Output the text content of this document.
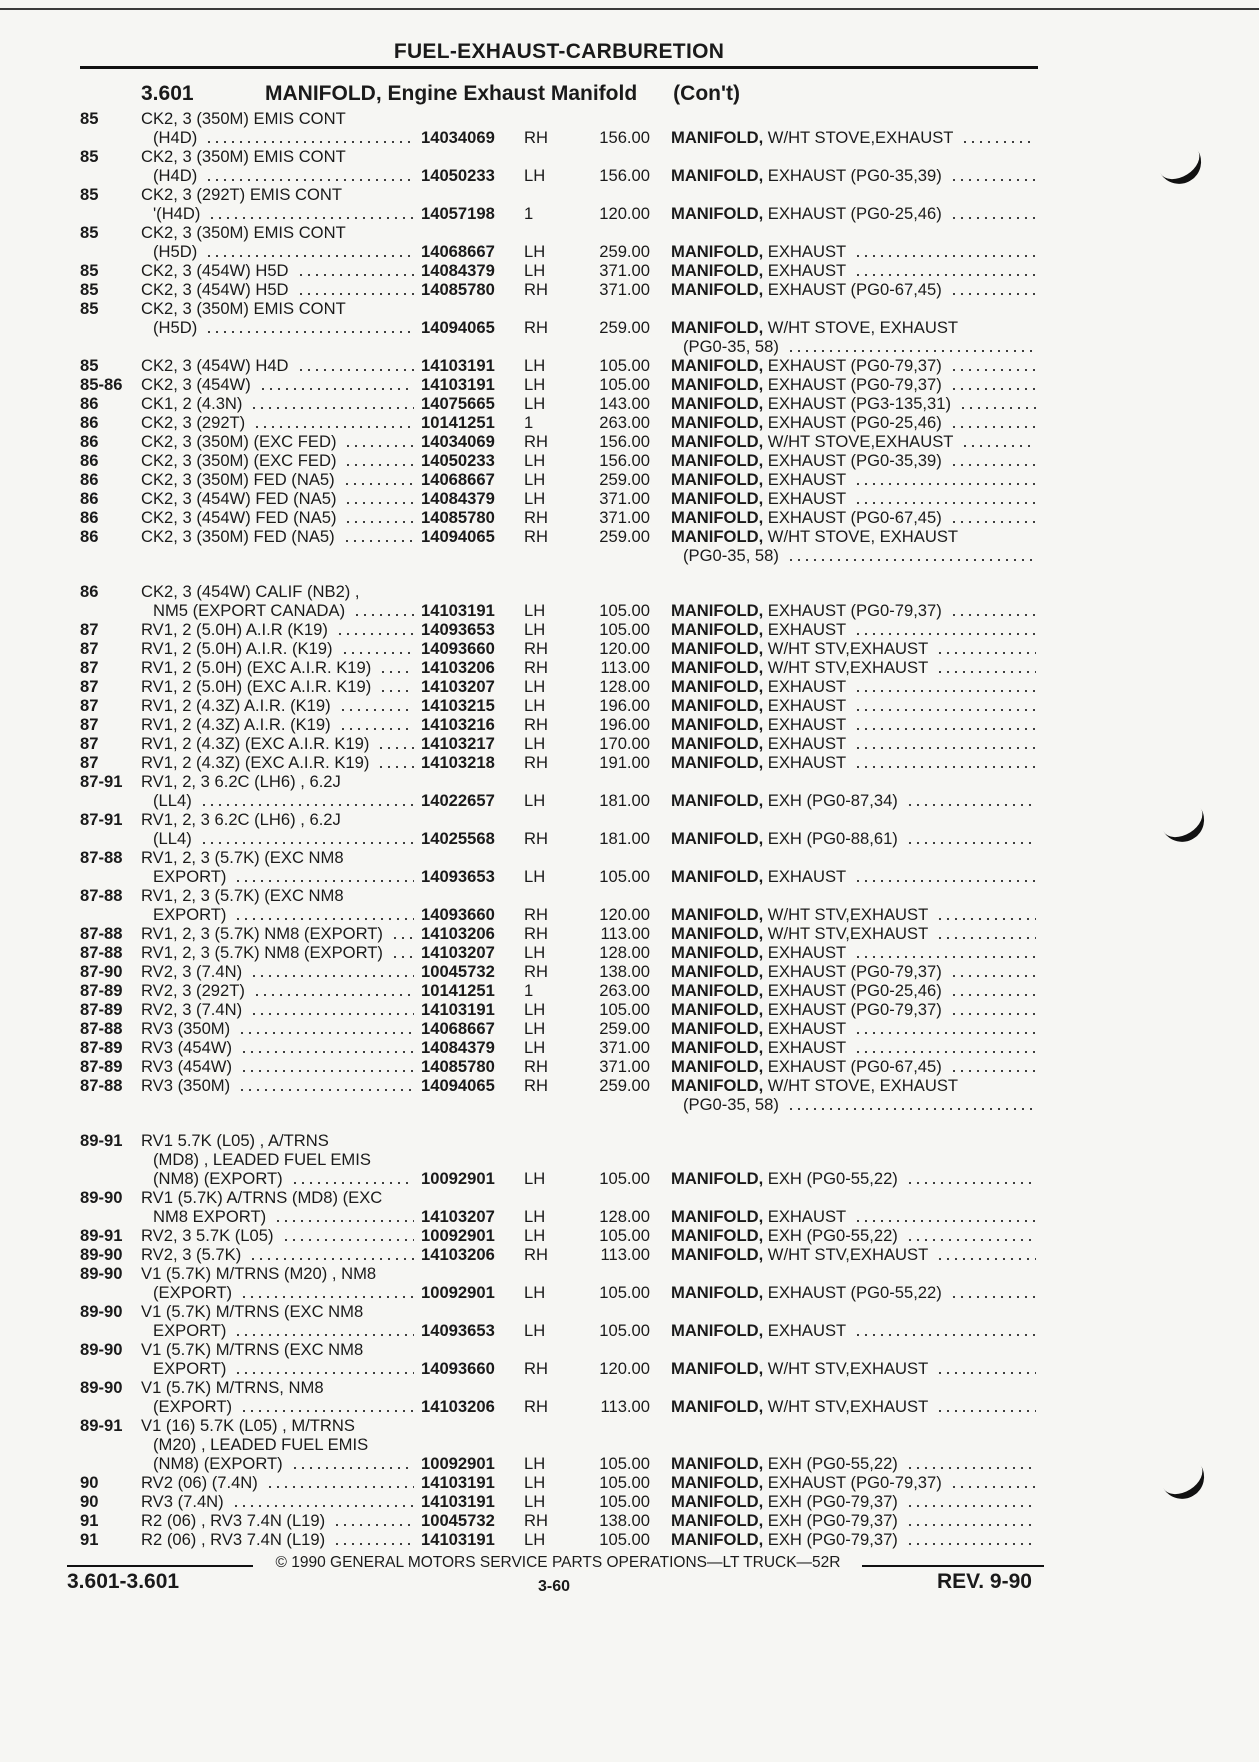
FUEL-EXHAUST-CARBURETION
3.601	MANIFOLD, Engine Exhaust Manifold (Con't)
85	CK2, 3 (350M) EMIS CONT
(H4D)	14034069 RH	156.00 MANIFOLD, W/HT STOVE,EXHAUST
85	CK2, 3 (350M) EMIS CONT
(H4D)	14050233 LH	156.00 MANIFOLD, EXHAUST (PG0-35,39)
85	CK2, 3 (292T) EMIS CONT
'(H4D)	14057198 1	120.00 MANIFOLD, EXHAUST (PG0-25,46)
85	CK2, 3 (350M) EMIS CONT
(H5D)	14068667 LH	259.00 MANIFOLD, EXHAUST
85	CK2, 3 (454W) H5D	14084379 LH	371.00 MANIFOLD, EXHAUST
85	CK2, 3 (454W) H5D	14085780 RH	371.00 MANIFOLD, EXHAUST (PG0-67,45)
85	CK2, 3 (350M) EMIS CONT
(H5D)	14094065 RH	259.00 MANIFOLD, W/HT STOVE, EXHAUST
(PG0-35, 58)
85	CK2, 3 (454W) H4D	14103191 LH	105.00 MANIFOLD, EXHAUST (PG0-79,37)
85-86 CK2, 3 (454W)	14103191 LH	105.00 MANIFOLD, EXHAUST (PG0-79,37)
86	CK1, 2 (4.3N)	14075665 LH	143.00 MANIFOLD, EXHAUST (PG3-135,31)
86	CK2, 3 (292T)	10141251 1	263.00 MANIFOLD, EXHAUST (PG0-25,46)
86	CK2, 3 (350M) (EXC FED)	14034069 RH	156.00 MANIFOLD, W/HT STOVE,EXHAUST
86	CK2, 3 (350M) (EXC FED)	14050233 LH	156.00 MANIFOLD, EXHAUST (PG0-35,39)
86	CK2, 3 (350M) FED (NA5)	14068667 LH	259.00 MANIFOLD, EXHAUST
86	CK2, 3 (454W) FED (NA5)	14084379 LH	371.00 MANIFOLD, EXHAUST
86	CK2, 3 (454W) FED (NA5)	14085780 RH	371.00 MANIFOLD, EXHAUST (PG0-67,45)
86	CK2, 3 (350M) FED (NA5)	14094065 RH	259.00 MANIFOLD, W/HT STOVE, EXHAUST
(PG0-35, 58)
86	CK2, 3 (454W) CALIF (NB2) ,
NM5 (EXPORT CANADA)	14103191 LH	105.00 MANIFOLD, EXHAUST (PG0-79,37)
87	RV1, 2 (5.0H) A.I.R (K19)	14093653 LH	105.00 MANIFOLD, EXHAUST
87	RV1, 2 (5.0H) A.I.R. (K19)	14093660 RH	120.00 MANIFOLD, W/HT STV,EXHAUST
87	RV1, 2 (5.0H) (EXC A.I.R. K19)	14103206 RH	113.00 MANIFOLD, W/HT STV,EXHAUST
87	RV1, 2 (5.0H) (EXC A.I.R. K19)	14103207 LH	128.00 MANIFOLD, EXHAUST
87	RV1, 2 (4.3Z) A.I.R. (K19)	14103215 LH	196.00 MANIFOLD, EXHAUST
87	RV1, 2 (4.3Z) A.I.R. (K19)	14103216 RH	196.00 MANIFOLD, EXHAUST
87	RV1, 2 (4.3Z) (EXC A.I.R. K19)	14103217 LH	170.00 MANIFOLD, EXHAUST
87	RV1, 2 (4.3Z) (EXC A.I.R. K19)	14103218 RH	191.00 MANIFOLD, EXHAUST
87-91 RV1, 2, 3 6.2C (LH6) , 6.2J
(LL4)	14022657 LH	181.00 MANIFOLD, EXH (PG0-87,34)
87-91 RV1, 2, 3 6.2C (LH6) , 6.2J
(LL4)	14025568 RH	181.00 MANIFOLD, EXH (PG0-88,61)
87-88 RV1, 2, 3 (5.7K) (EXC NM8
EXPORT)	14093653 LH	105.00 MANIFOLD, EXHAUST
87-88 RV1, 2, 3 (5.7K) (EXC NM8
EXPORT)	14093660 RH	120.00 MANIFOLD, W/HT STV,EXHAUST
87-88 RV1, 2, 3 (5.7K) NM8 (EXPORT) 14103206 RH	113.00 MANIFOLD, W/HT STV,EXHAUST
87-88 RV1, 2, 3 (5.7K) NM8 (EXPORT) 14103207 LH	128.00 MANIFOLD, EXHAUST
87-90 RV2, 3 (7.4N)	10045732 RH	138.00 MANIFOLD, EXHAUST (PG0-79,37)
87-89 RV2, 3 (292T)	10141251 1	263.00 MANIFOLD, EXHAUST (PG0-25,46)
87-89 RV2, 3 (7.4N)	14103191 LH	105.00 MANIFOLD, EXHAUST (PG0-79,37)
87-88 RV3 (350M)	14068667 LH	259.00 MANIFOLD, EXHAUST
87-89 RV3 (454W)	14084379 LH	371.00 MANIFOLD, EXHAUST
87-89 RV3 (454W)	14085780 RH	371.00 MANIFOLD, EXHAUST (PG0-67,45)
87-88 RV3 (350M)	14094065 RH	259.00 MANIFOLD, W/HT STOVE, EXHAUST
(PG0-35, 58)
89-91 RV1 5.7K (L05) , A/TRNS
(MD8) , LEADED FUEL EMIS
(NM8) (EXPORT)	10092901 LH	105.00 MANIFOLD, EXH (PG0-55,22)
89-90 RV1 (5.7K) A/TRNS (MD8) (EXC
NM8 EXPORT)	14103207 LH	128.00 MANIFOLD, EXHAUST
89-91 RV2, 3 5.7K (L05)	10092901 LH	105.00 MANIFOLD, EXH (PG0-55,22)
89-90 RV2, 3 (5.7K)	14103206 RH	113.00 MANIFOLD, W/HT STV,EXHAUST
89-90 V1 (5.7K) M/TRNS (M20) , NM8
(EXPORT)	10092901 LH	105.00 MANIFOLD, EXHAUST (PG0-55,22)
89-90 V1 (5.7K) M/TRNS (EXC NM8
EXPORT)	14093653 LH	105.00 MANIFOLD, EXHAUST
89-90 V1 (5.7K) M/TRNS (EXC NM8
EXPORT)	14093660 RH	120.00 MANIFOLD, W/HT STV,EXHAUST
89-90 V1 (5.7K) M/TRNS, NM8
(EXPORT)	14103206 RH	113.00 MANIFOLD, W/HT STV,EXHAUST
89-91 V1 (16) 5.7K (L05) , M/TRNS
(M20) , LEADED FUEL EMIS
(NM8) (EXPORT)	10092901 LH	105.00 MANIFOLD, EXH (PG0-55,22)
90	RV2 (06) (7.4N)	14103191 LH	105.00 MANIFOLD, EXHAUST (PG0-79,37)
90	RV3 (7.4N)	14103191 LH	105.00 MANIFOLD, EXH (PG0-79,37)
91	R2 (06) , RV3 7.4N (L19)	10045732 RH	138.00 MANIFOLD, EXH (PG0-79,37)
91	R2 (06) , RV3 7.4N (L19)	14103191 LH	105.00 MANIFOLD, EXH (PG0-79,37)
© 1990 GENERAL MOTORS SERVICE PARTS OPERATIONS—LT TRUCK—52R
3.601-3.601	3-60	REV. 9-90
